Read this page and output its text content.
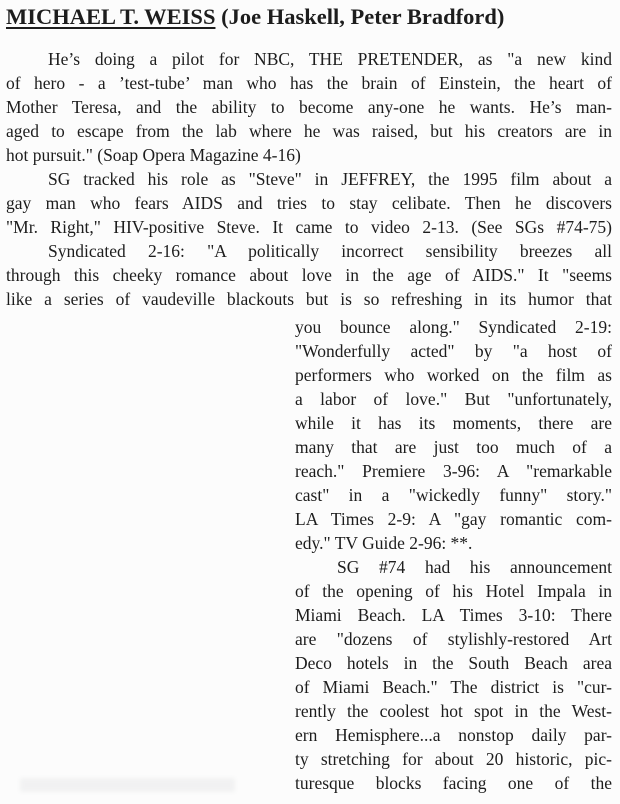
MICHAEL T. WEISS (Joe Haskell, Peter Bradford)
He’s doing a pilot for NBC, THE PRETENDER, as "a new kind
of hero - a ’test-tube’ man who has the brain of Einstein, the heart of
Mother Teresa, and the ability to become any-one he wants. He’s man-
aged to escape from the lab where he was raised, but his creators are in
hot pursuit." (Soap Opera Magazine 4-16)
SG tracked his role as "Steve" in JEFFREY, the 1995 film about a
gay man who fears AIDS and tries to stay celibate. Then he discovers
"Mr. Right," HIV-positive Steve. It came to video 2-13. (See SGs #74-75)
Syndicated 2-16: "A politically incorrect sensibility breezes all
through this cheeky romance about love in the age of AIDS." It "seems
like a series of vaudeville blackouts but is so refreshing in its humor that
you bounce along." Syndicated 2-19:
"Wonderfully acted" by "a host of
performers who worked on the film as
a labor of love." But "unfortunately,
while it has its moments, there are
many that are just too much of a
reach." Premiere 3-96: A "remarkable
cast" in a "wickedly funny" story."
LA Times 2-9: A "gay romantic com-
edy." TV Guide 2-96: **.
SG #74 had his announcement
of the opening of his Hotel Impala in
Miami Beach. LA Times 3-10: There
are "dozens of stylishly-restored Art
Deco hotels in the South Beach area
of Miami Beach." The district is "cur-
rently the coolest hot spot in the West-
ern Hemisphere...a nonstop daily par-
ty stretching for about 20 historic, pic-
turesque blocks facing one of the
